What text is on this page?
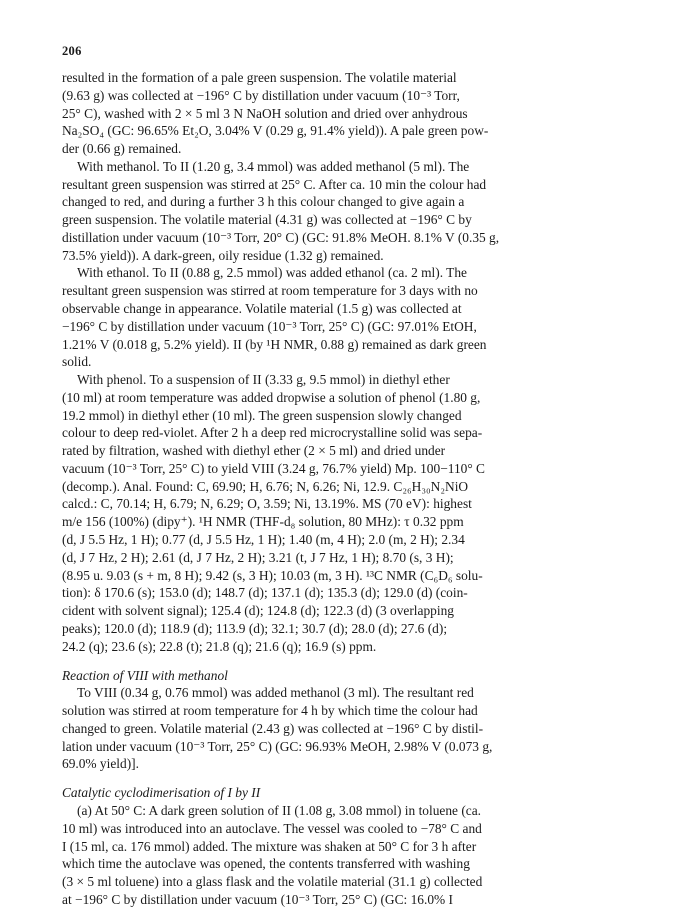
206
resulted in the formation of a pale green suspension. The volatile material
(9.63 g) was collected at −196° C by distillation under vacuum (10⁻³ Torr,
25° C), washed with 2 × 5 ml 3 N NaOH solution and dried over anhydrous
Na₂SO₄ (GC: 96.65% Et₂O, 3.04% V (0.29 g, 91.4% yield)). A pale green pow-
der (0.66 g) remained.
With methanol. To II (1.20 g, 3.4 mmol) was added methanol (5 ml). The
resultant green suspension was stirred at 25° C. After ca. 10 min the colour had
changed to red, and during a further 3 h this colour changed to give again a
green suspension. The volatile material (4.31 g) was collected at −196° C by
distillation under vacuum (10⁻³ Torr, 20° C) (GC: 91.8% MeOH. 8.1% V (0.35 g,
73.5% yield)). A dark-green, oily residue (1.32 g) remained.
With ethanol. To II (0.88 g, 2.5 mmol) was added ethanol (ca. 2 ml). The
resultant green suspension was stirred at room temperature for 3 days with no
observable change in appearance. Volatile material (1.5 g) was collected at
−196° C by distillation under vacuum (10⁻³ Torr, 25° C) (GC: 97.01% EtOH,
1.21% V (0.018 g, 5.2% yield). II (by ¹H NMR, 0.88 g) remained as dark green
solid.
With phenol. To a suspension of II (3.33 g, 9.5 mmol) in diethyl ether
(10 ml) at room temperature was added dropwise a solution of phenol (1.80 g,
19.2 mmol) in diethyl ether (10 ml). The green suspension slowly changed
colour to deep red-violet. After 2 h a deep red microcrystalline solid was sepa-
rated by filtration, washed with diethyl ether (2 × 5 ml) and dried under
vacuum (10⁻³ Torr, 25° C) to yield VIII (3.24 g, 76.7% yield) Mp. 100−110° C
(decomp.). Anal. Found: C, 69.90; H, 6.76; N, 6.26; Ni, 12.9. C₂₆H₃₀N₂NiO
calcd.: C, 70.14; H, 6.79; N, 6.29; O, 3.59; Ni, 13.19%. MS (70 eV): highest
m/e 156 (100%) (dipy⁺). ¹H NMR (THF-d₈ solution, 80 MHz): τ 0.32 ppm
(d, J 5.5 Hz, 1 H); 0.77 (d, J 5.5 Hz, 1 H); 1.40 (m, 4 H); 2.0 (m, 2 H); 2.34
(d, J 7 Hz, 2 H); 2.61 (d, J 7 Hz, 2 H); 3.21 (t, J 7 Hz, 1 H); 8.70 (s, 3 H);
(8.95 u. 9.03 (s + m, 8 H); 9.42 (s, 3 H); 10.03 (m, 3 H). ¹³C NMR (C₆D₆ solu-
tion): δ 170.6 (s); 153.0 (d); 148.7 (d); 137.1 (d); 135.3 (d); 129.0 (d) (coin-
cident with solvent signal); 125.4 (d); 124.8 (d); 122.3 (d) (3 overlapping
peaks); 120.0 (d); 118.9 (d); 113.9 (d); 32.1; 30.7 (d); 28.0 (d); 27.6 (d);
24.2 (q); 23.6 (s); 22.8 (t); 21.8 (q); 21.6 (q); 16.9 (s) ppm.
Reaction of VIII with methanol
To VIII (0.34 g, 0.76 mmol) was added methanol (3 ml). The resultant red
solution was stirred at room temperature for 4 h by which time the colour had
changed to green. Volatile material (2.43 g) was collected at −196° C by distil-
lation under vacuum (10⁻³ Torr, 25° C) (GC: 96.93% MeOH, 2.98% V (0.073 g,
69.0% yield)].
Catalytic cyclodimerisation of I by II
(a) At 50° C: A dark green solution of II (1.08 g, 3.08 mmol) in toluene (ca.
10 ml) was introduced into an autoclave. The vessel was cooled to −78° C and
I (15 ml, ca. 176 mmol) added. The mixture was shaken at 50° C for 3 h after
which time the autoclave was opened, the contents transferred with washing
(3 × 5 ml toluene) into a glass flask and the volatile material (31.1 g) collected
at −196° C by distillation under vacuum (10⁻³ Torr, 25° C) (GC: 16.0% I
